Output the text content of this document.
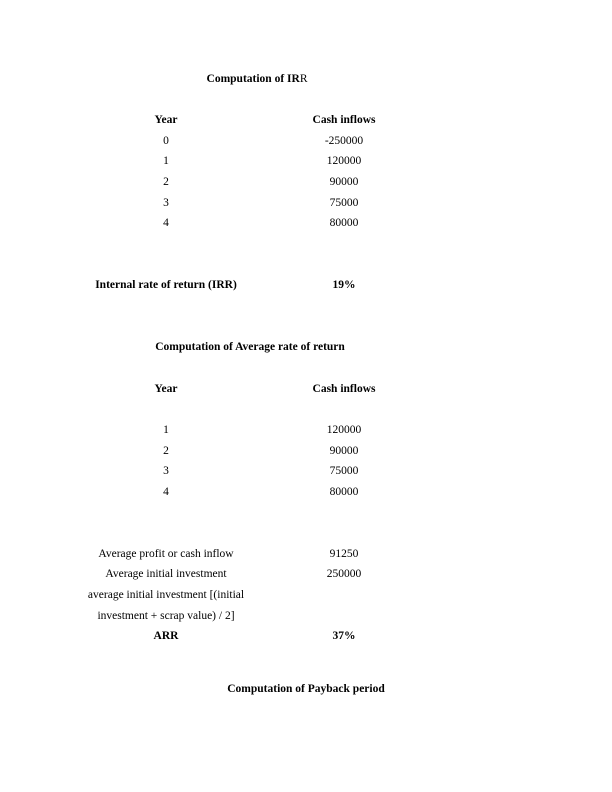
Computation of IRR
Year	Cash inflows
0	-250000
1	120000
2	90000
3	75000
4	80000
Internal rate of return (IRR)	19%
Computation of Average rate of return
Year	Cash inflows
1	120000
2	90000
3	75000
4	80000
Average profit or cash inflow	91250
Average initial investment	250000
average initial investment [(initial
investment + scrap value) / 2]
ARR	37%
Computation of Payback period
